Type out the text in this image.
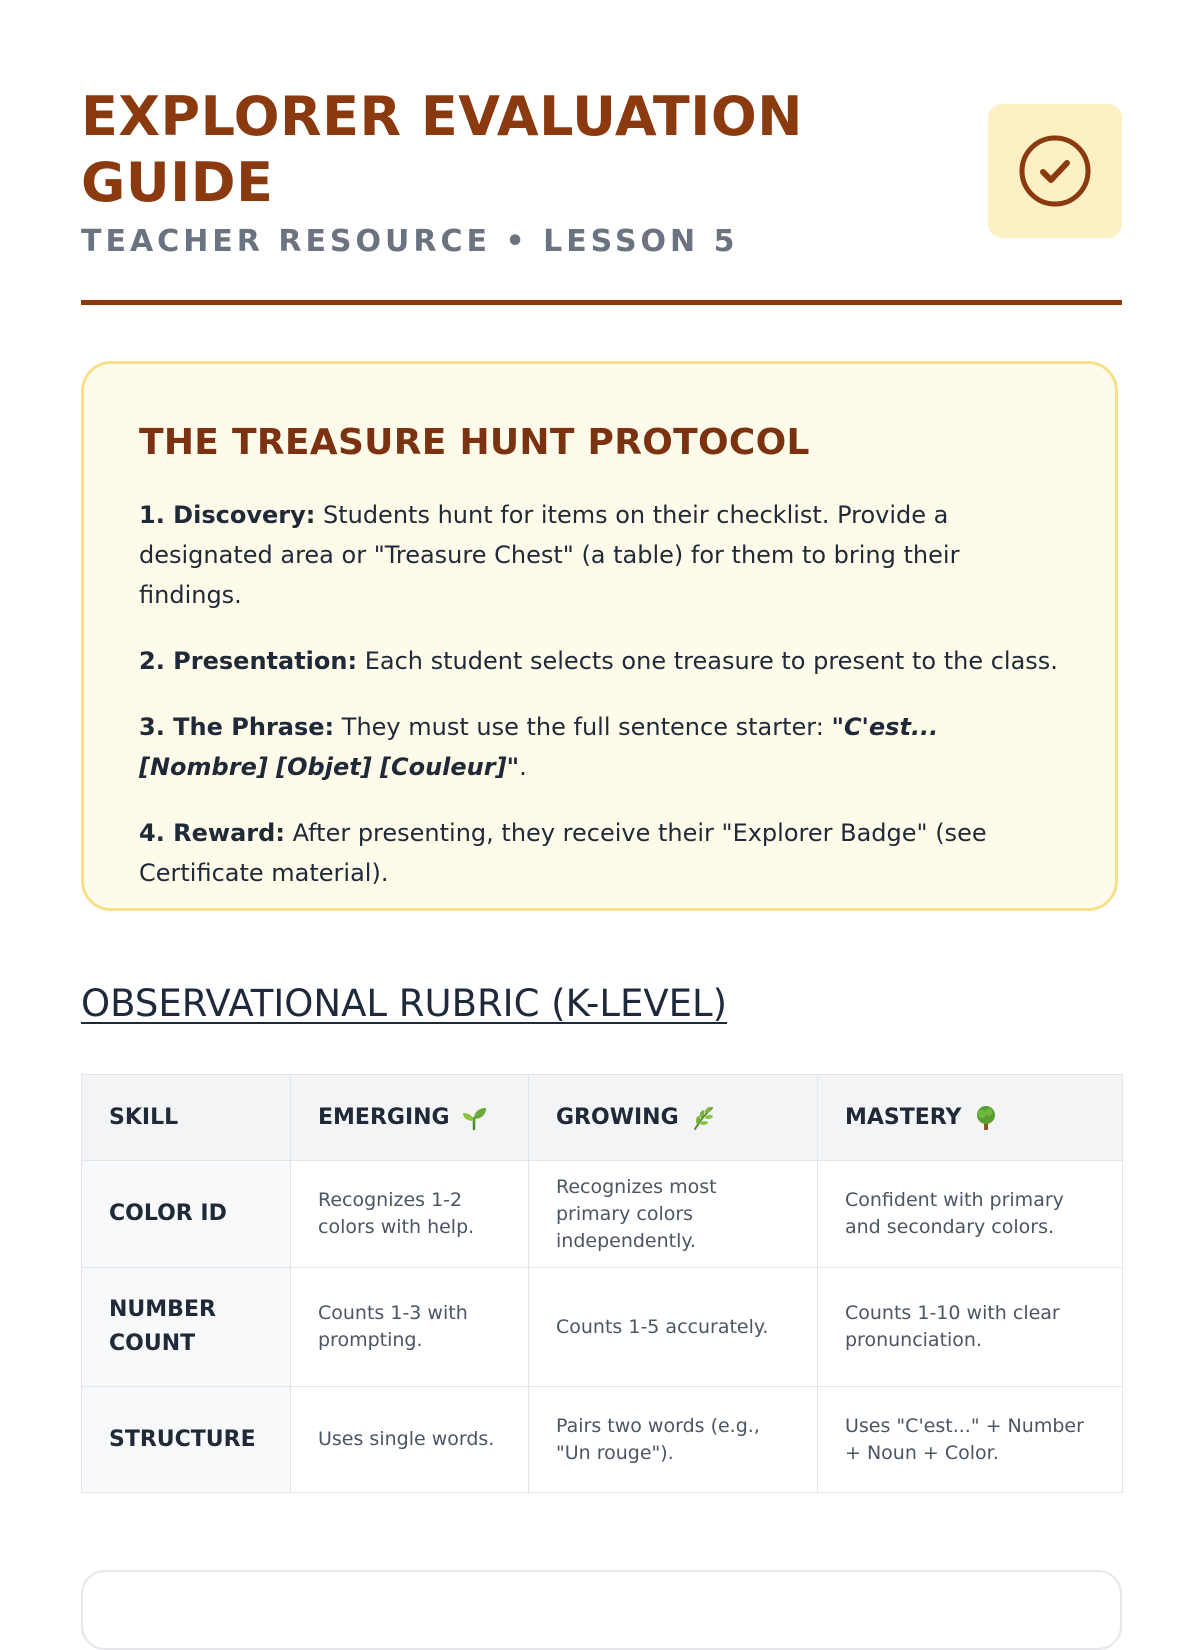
EXPLORER EVALUATION GUIDE
TEACHER RESOURCE • LESSON 5
THE TREASURE HUNT PROTOCOL

1. Discovery: Students hunt for items on their checklist. Provide a designated area or "Treasure Chest" (a table) for them to bring their findings.

2. Presentation: Each student selects one treasure to present to the class.

3. The Phrase: They must use the full sentence starter: "C'est... [Nombre] [Objet] [Couleur]".

4. Reward: After presenting, they receive their "Explorer Badge" (see Certificate material).

OBSERVATIONAL RUBRIC (K-LEVEL)
SKILL	EMERGING	GROWING	MASTERY
COLOR ID	Recognizes 1-2 colors with help.	Recognizes most primary colors independently.	Confident with primary and secondary colors.
NUMBER COUNT	Counts 1-3 with prompting.	Counts 1-5 accurately.	Counts 1-10 with clear pronunciation.
STRUCTURE	Uses single words.	Pairs two words (e.g., "Un rouge").	Uses "C'est..." + Number + Noun + Color.
